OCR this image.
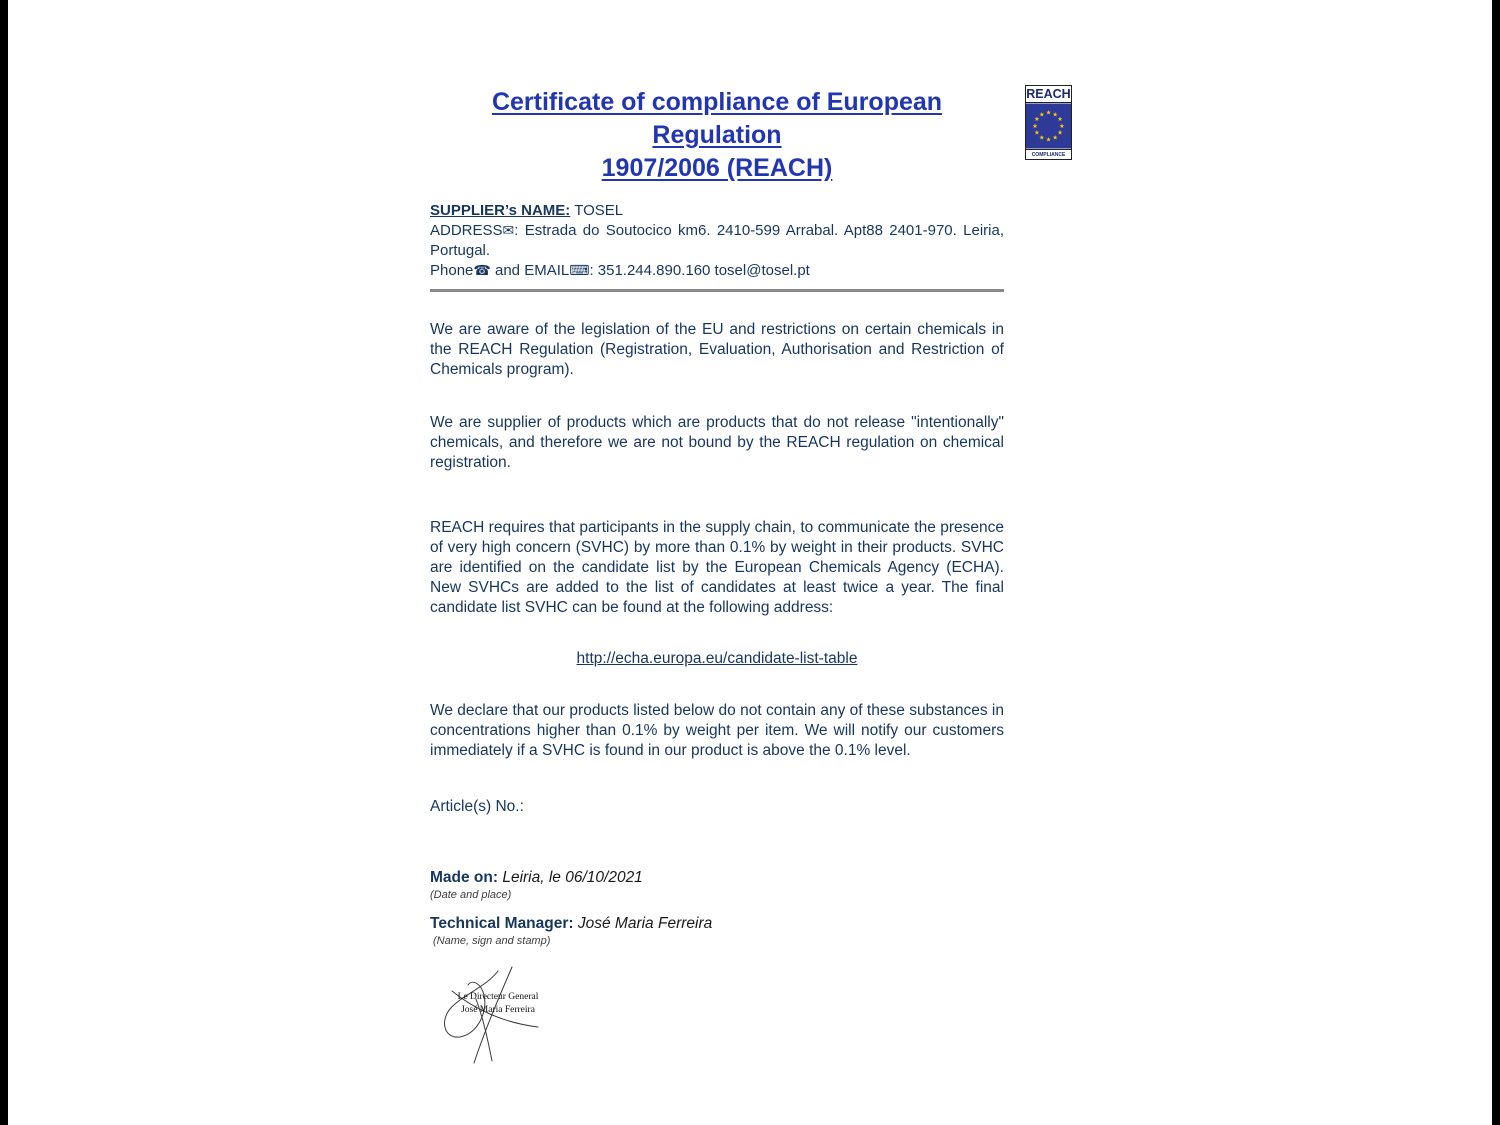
REACH
★ ★
★
★
★
★
★
★
★
★
★
★
COMPLIANCE
Certificate of compliance of European Regulation
1907/2006 (REACH)

SUPPLIER’s NAME: TOSEL

ADDRESS✉: Estrada do Soutocico km6. 2410-599 Arrabal. Apt88 2401-970. Leiria, Portugal.

Phone☎ and EMAIL⌨: 351.244.890.160 tosel@tosel.pt

We are aware of the legislation of the EU and restrictions on certain chemicals in the REACH Regulation (Registration, Evaluation, Authorisation and Restriction of Chemicals program).

We are supplier of products which are products that do not release "intentionally" chemicals, and therefore we are not bound by the REACH regulation on chemical registration.

REACH requires that participants in the supply chain, to communicate the presence of very high concern (SVHC) by more than 0.1% by weight in their products. SVHC are identified on the candidate list by the European Chemicals Agency (ECHA). New SVHCs are added to the list of candidates at least twice a year. The final candidate list SVHC can be found at the following address:

http://echa.europa.eu/candidate-list-table

We declare that our products listed below do not contain any of these substances in concentrations higher than 0.1% by weight per item. We will notify our customers immediately if a SVHC is found in our product is above the 0.1% level.

Article(s) No.:

Made on: Leiria, le 06/10/2021

(Date and place)

Technical Manager: José Maria Ferreira

(Name, sign and stamp)

Le Directeur General
José Maria Ferreira
